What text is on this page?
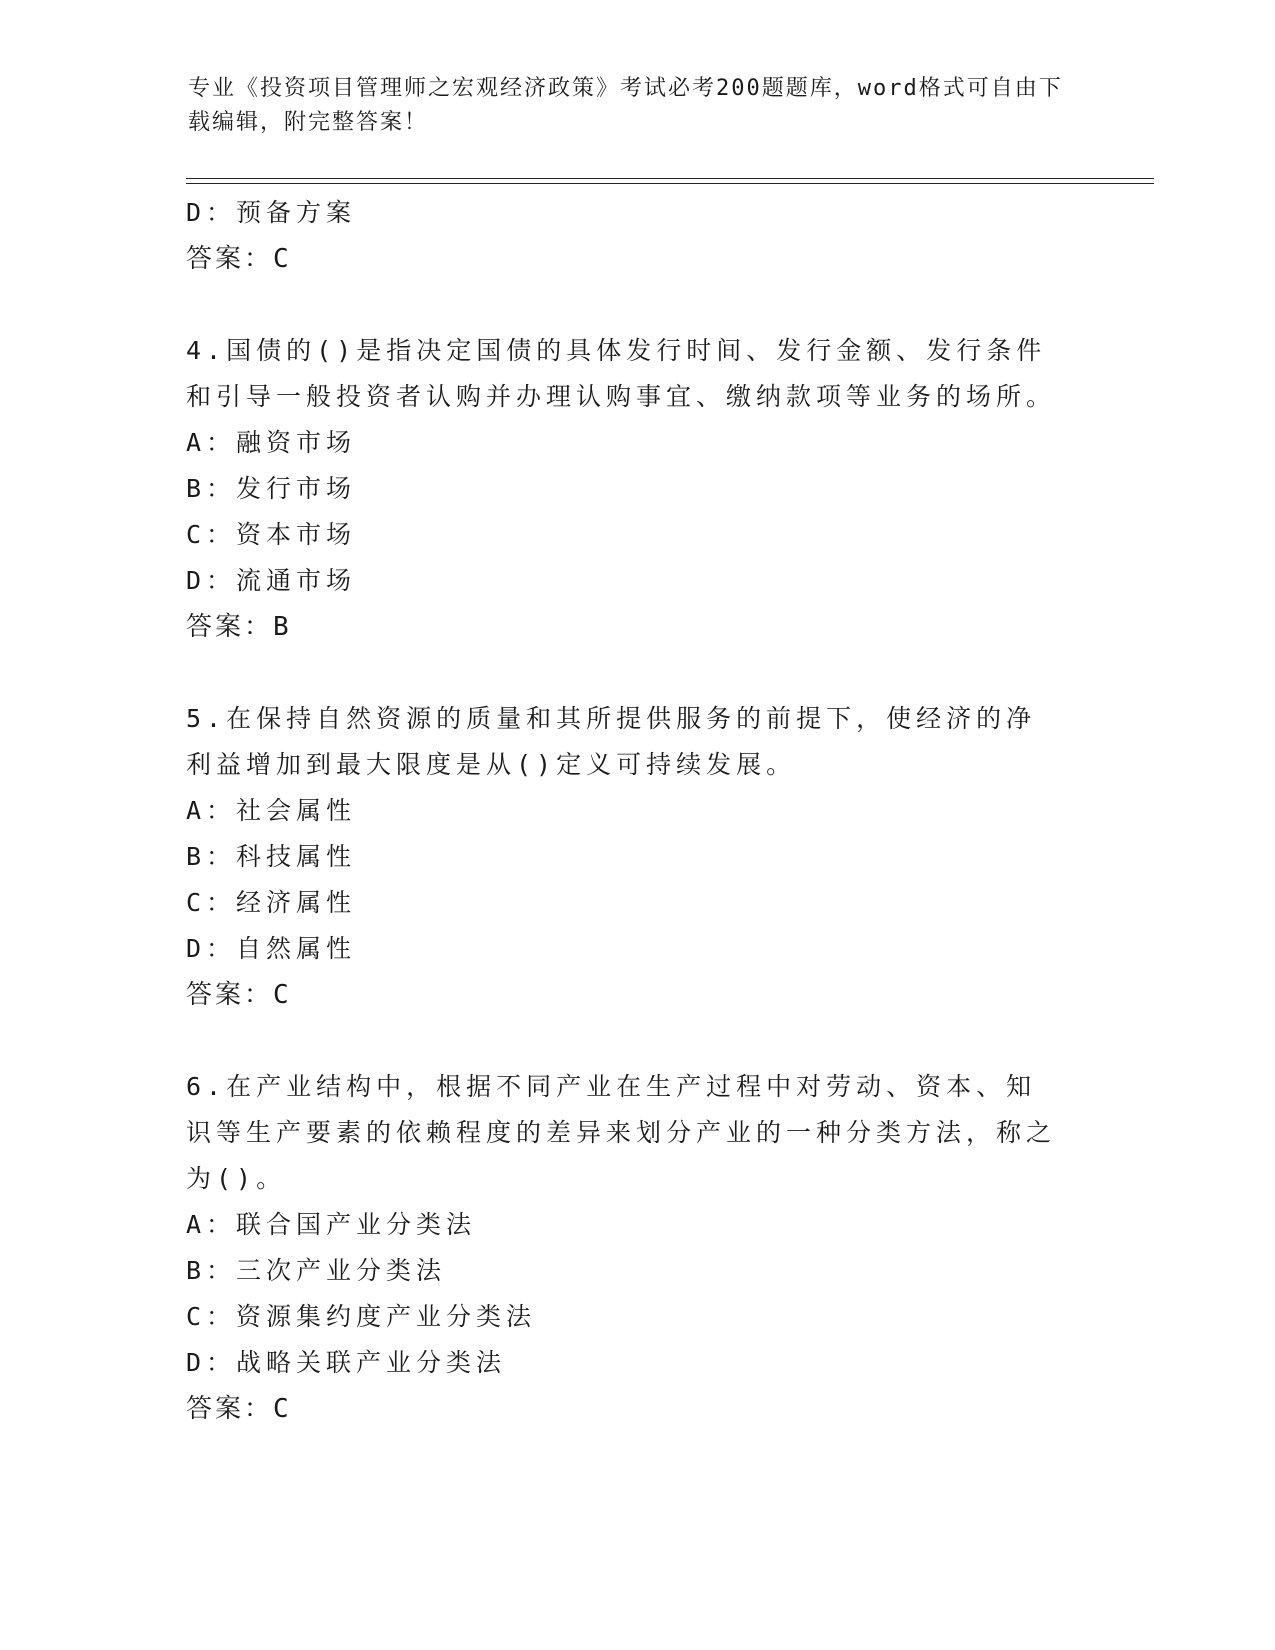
专业《投资项目管理师之宏观经济政策》考试必考200题题库，word格式可自由下载编辑，附完整答案！
D：预备方案
答案：C
4.国债的()是指决定国债的具体发行时间、发行金额、发行条件和引导一般投资者认购并办理认购事宜、缴纳款项等业务的场所。
A：融资市场
B：发行市场
C：资本市场
D：流通市场
答案：B
5.在保持自然资源的质量和其所提供服务的前提下，使经济的净利益增加到最大限度是从()定义可持续发展。
A：社会属性
B：科技属性
C：经济属性
D：自然属性
答案：C
6.在产业结构中，根据不同产业在生产过程中对劳动、资本、知识等生产要素的依赖程度的差异来划分产业的一种分类方法，称之为()。
A：联合国产业分类法
B：三次产业分类法
C：资源集约度产业分类法
D：战略关联产业分类法
答案：C
